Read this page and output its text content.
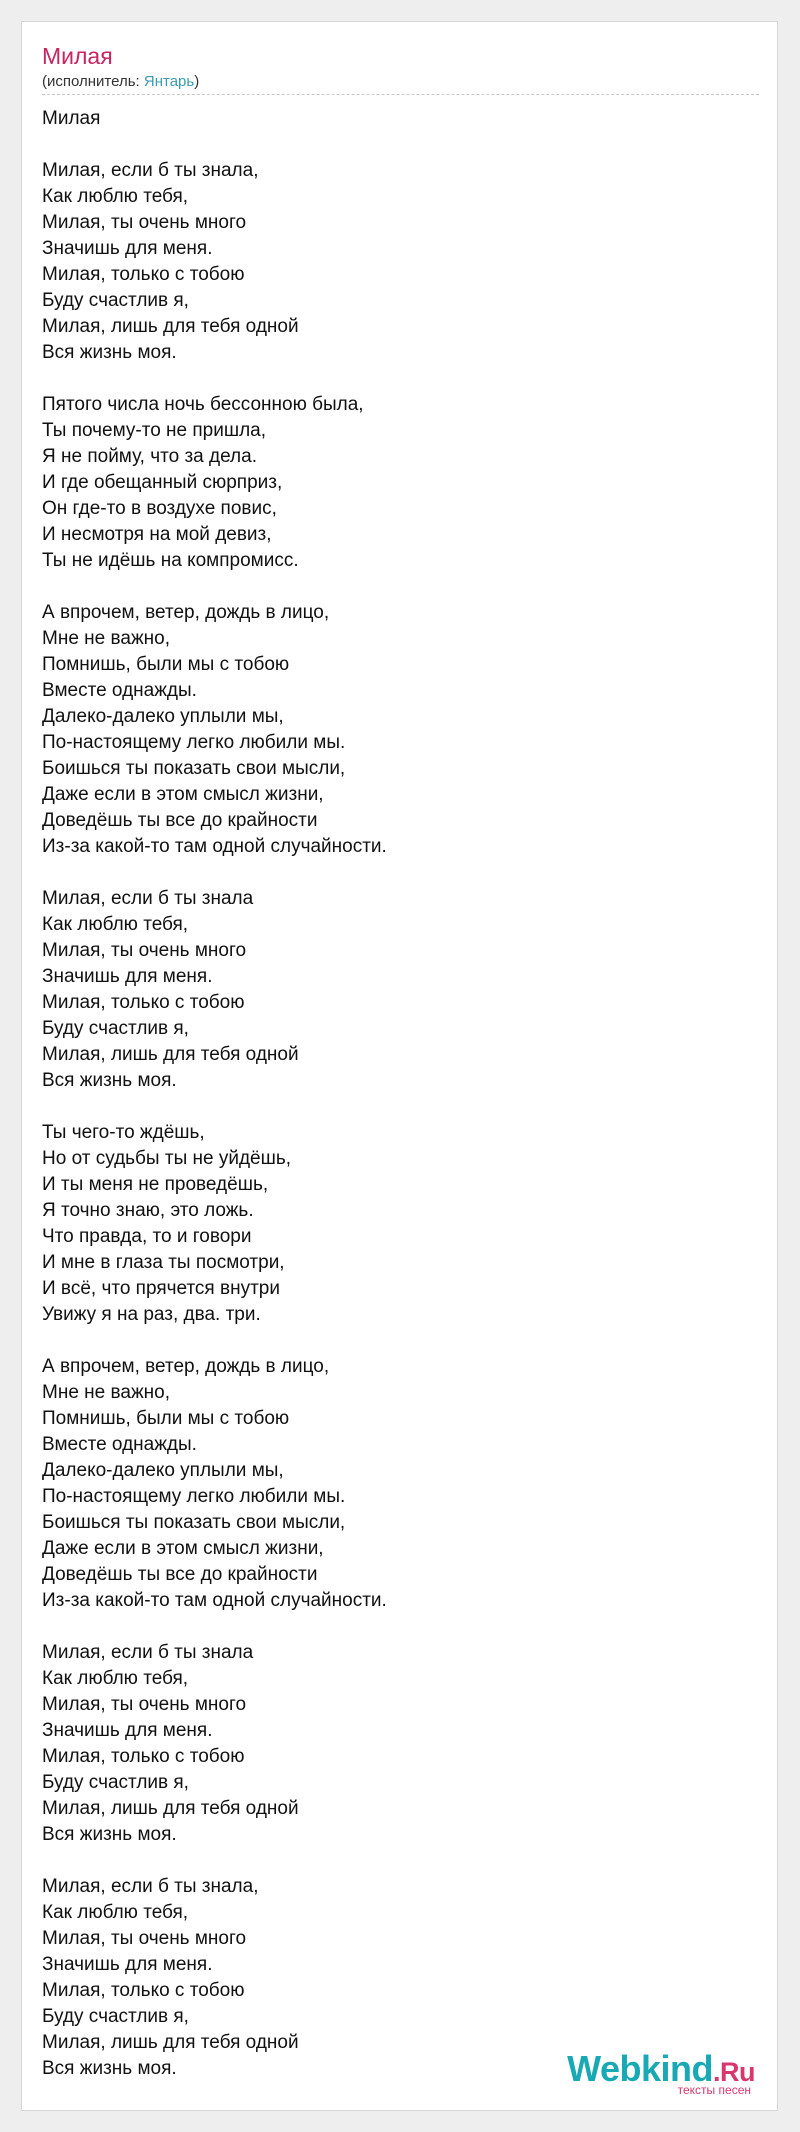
Милая
(исполнитель: Янтарь)
Милая
Милая, если б ты знала,
Как люблю тебя,
Милая, ты очень много
Значишь для меня.
Милая, только с тобою
Буду счастлив я,
Милая, лишь для тебя одной
Вся жизнь моя.
Пятого числа ночь бессонною была,
Ты почему-то не пришла,
Я не пойму, что за дела.
И где обещанный сюрприз,
Он где-то в воздухе повис,
И несмотря на мой девиз,
Ты не идёшь на компромисс.
А впрочем, ветер, дождь в лицо,
Мне не важно,
Помнишь, были мы с тобою
Вместе однажды.
Далеко-далеко уплыли мы,
По-настоящему легко любили мы.
Боишься ты показать свои мысли,
Даже если в этом смысл жизни,
Доведёшь ты все до крайности
Из-за какой-то там одной случайности.
Милая, если б ты знала
Как люблю тебя,
Милая, ты очень много
Значишь для меня.
Милая, только с тобою
Буду счастлив я,
Милая, лишь для тебя одной
Вся жизнь моя.
Ты чего-то ждёшь,
Но от судьбы ты не уйдёшь,
И ты меня не проведёшь,
Я точно знаю, это ложь.
Что правда, то и говори
И мне в глаза ты посмотри,
И всё, что прячется внутри
Увижу я на раз, два. три.
А впрочем, ветер, дождь в лицо,
Мне не важно,
Помнишь, были мы с тобою
Вместе однажды.
Далеко-далеко уплыли мы,
По-настоящему легко любили мы.
Боишься ты показать свои мысли,
Даже если в этом смысл жизни,
Доведёшь ты все до крайности
Из-за какой-то там одной случайности.
Милая, если б ты знала
Как люблю тебя,
Милая, ты очень много
Значишь для меня.
Милая, только с тобою
Буду счастлив я,
Милая, лишь для тебя одной
Вся жизнь моя.
Милая, если б ты знала,
Как люблю тебя,
Милая, ты очень много
Значишь для меня.
Милая, только с тобою
Буду счастлив я,
Милая, лишь для тебя одной
Вся жизнь моя.	Webkind.Ru
тексты песен
